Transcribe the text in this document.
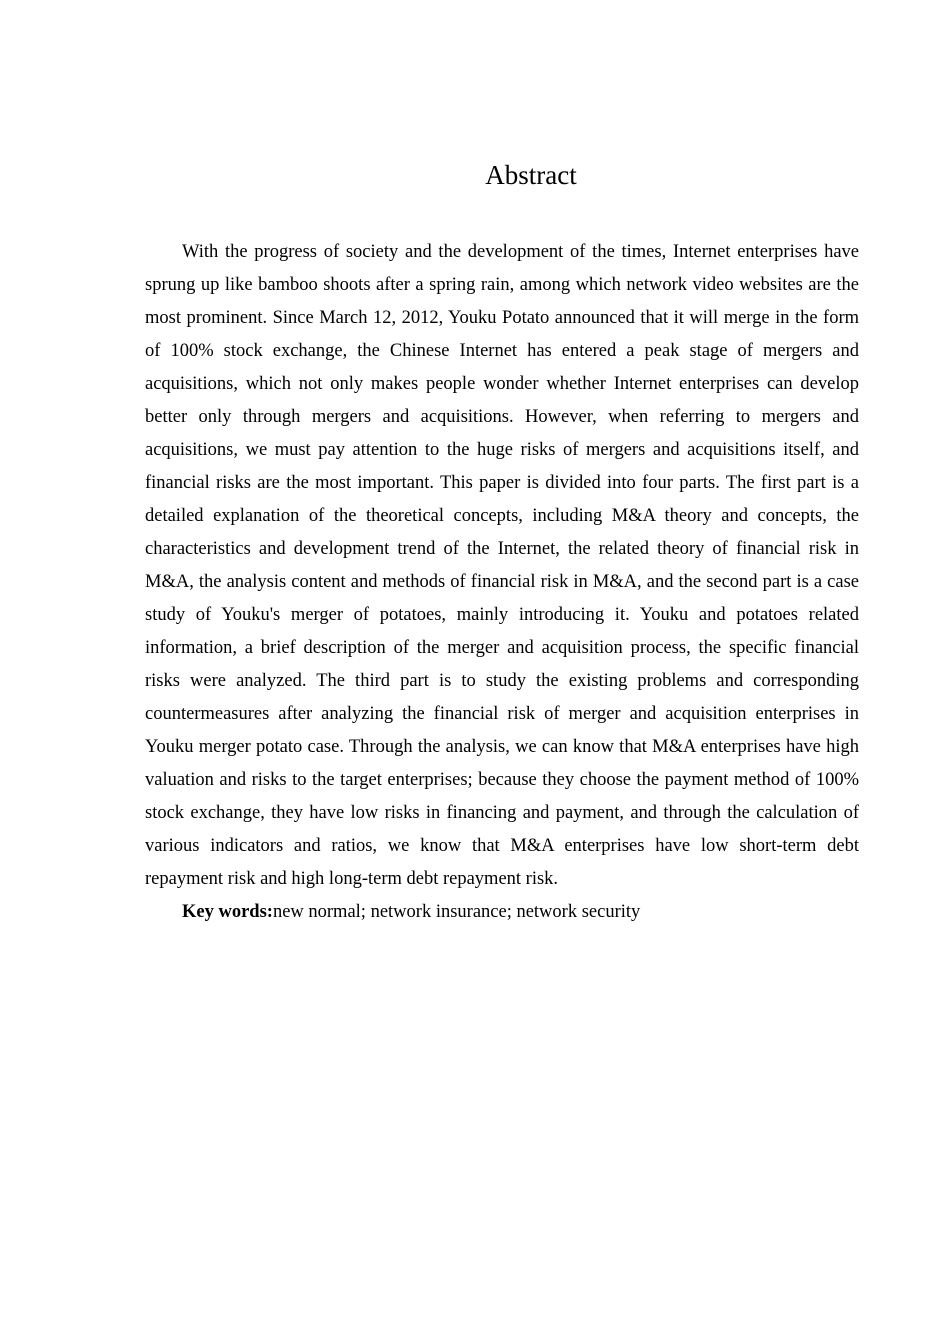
Abstract

With the progress of society and the development of the times, Internet enterprises have sprung up like bamboo shoots after a spring rain, among which network video websites are the most prominent. Since March 12, 2012, Youku Potato announced that it will merge in the form of 100% stock exchange, the Chinese Internet has entered a peak stage of mergers and acquisitions, which not only makes people wonder whether Internet enterprises can develop better only through mergers and acquisitions. However, when referring to mergers and acquisitions, we must pay attention to the huge risks of mergers and acquisitions itself, and financial risks are the most important. This paper is divided into four parts. The first part is a detailed explanation of the theoretical concepts, including M&A theory and concepts, the characteristics and development trend of the Internet, the related theory of financial risk in M&A, the analysis content and methods of financial risk in M&A, and the second part is a case study of Youku's merger of potatoes, mainly introducing it. Youku and potatoes related information, a brief description of the merger and acquisition process, the specific financial risks were analyzed. The third part is to study the existing problems and corresponding countermeasures after analyzing the financial risk of merger and acquisition enterprises in Youku merger potato case. Through the analysis, we can know that M&A enterprises have high valuation and risks to the target enterprises; because they choose the payment method of 100% stock exchange, they have low risks in financing and payment, and through the calculation of various indicators and ratios, we know that M&A enterprises have low short-term debt repayment risk and high long-term debt repayment risk.

Key words:new normal; network insurance; network security
